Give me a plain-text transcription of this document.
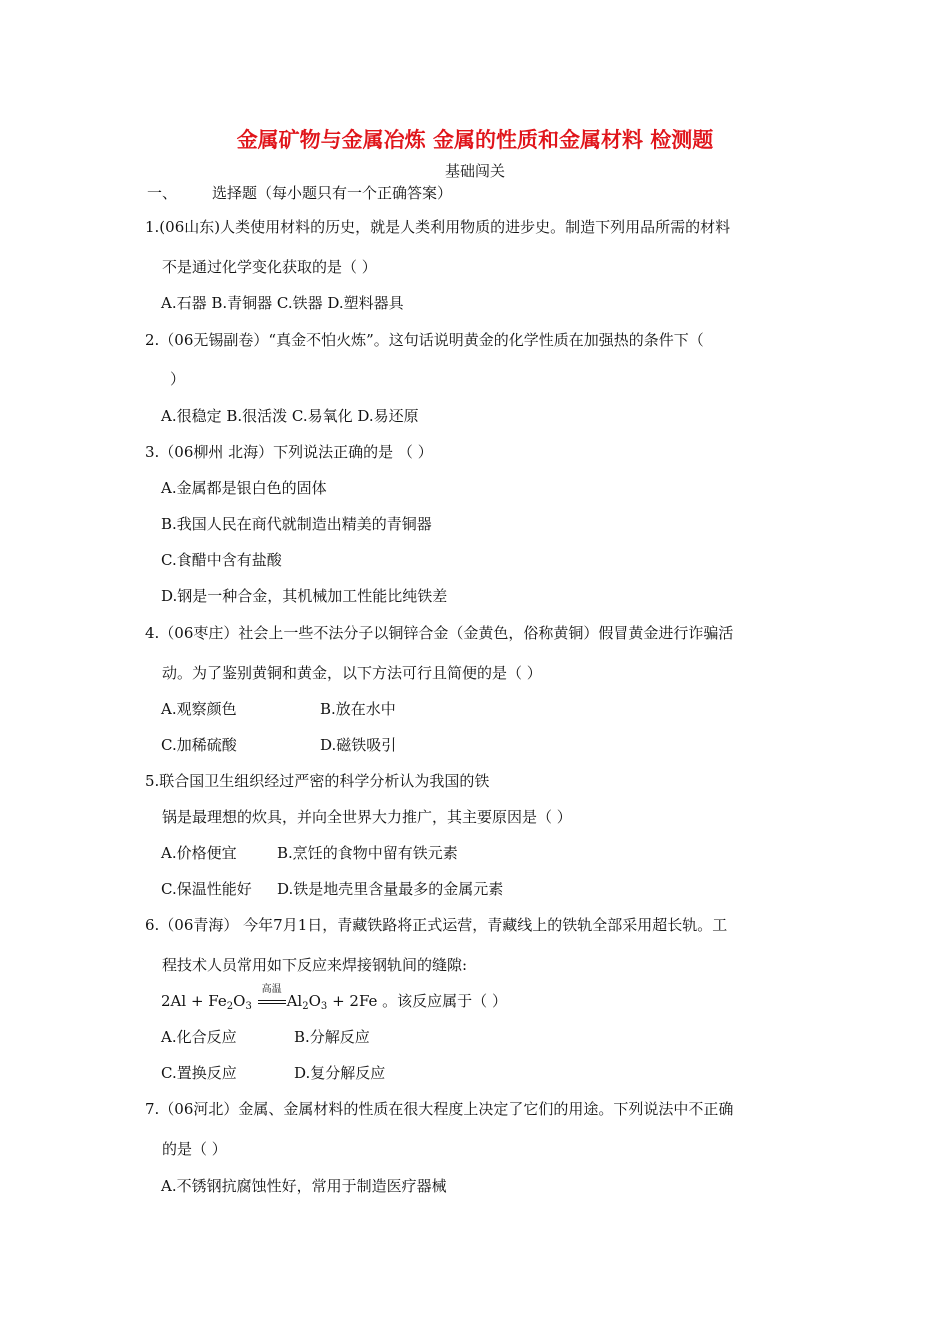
金属矿物与金属冶炼 金属的性质和金属材料 检测题
基础闯关
一、 选择题（每小题只有一个正确答案）
1.(06山东)人类使用材料的历史，就是人类利用物质的进步史。制造下列用品所需的材料
不是通过化学变化获取的是（ ）
A.石器 B.青铜器 C.铁器 D.塑料器具
2.（06无锡副卷）“真金不怕火炼”。这句话说明黄金的化学性质在加强热的条件下（
）
A.很稳定 B.很活泼 C.易氧化 D.易还原
3.（06柳州 北海）下列说法正确的是 （ ）
A.金属都是银白色的固体
B.我国人民在商代就制造出精美的青铜器
C.食醋中含有盐酸
D.钢是一种合金，其机械加工性能比纯铁差
4.（06枣庄）社会上一些不法分子以铜锌合金（金黄色，俗称黄铜）假冒黄金进行诈骗活
动。为了鉴别黄铜和黄金，以下方法可行且简便的是（ ）
A.观察颜色	B.放在水中
C.加稀硫酸	D.磁铁吸引
5.联合国卫生组织经过严密的科学分析认为我国的铁
锅是最理想的炊具，并向全世界大力推广，其主要原因是（ ）
A.价格便宜	B.烹饪的食物中留有铁元素
C.保温性能好 D.铁是地壳里含量最多的金属元素
6.（06青海） 今年7月1日，青藏铁路将正式运营，青藏线上的铁轨全部采用超长轨。工
程技术人员常用如下反应来焊接钢轨间的缝隙:
$2Al + Fe_2O_3$
高温
$Al_2O_3 + 2Fe$ 。该反应属于（ ）
A.化合反应	B.分解反应
C.置换反应	D.复分解反应
7.（06河北）金属、金属材料的性质在很大程度上决定了它们的用途。下列说法中不正确
的是（ ）
A.不锈钢抗腐蚀性好，常用于制造医疗器械
